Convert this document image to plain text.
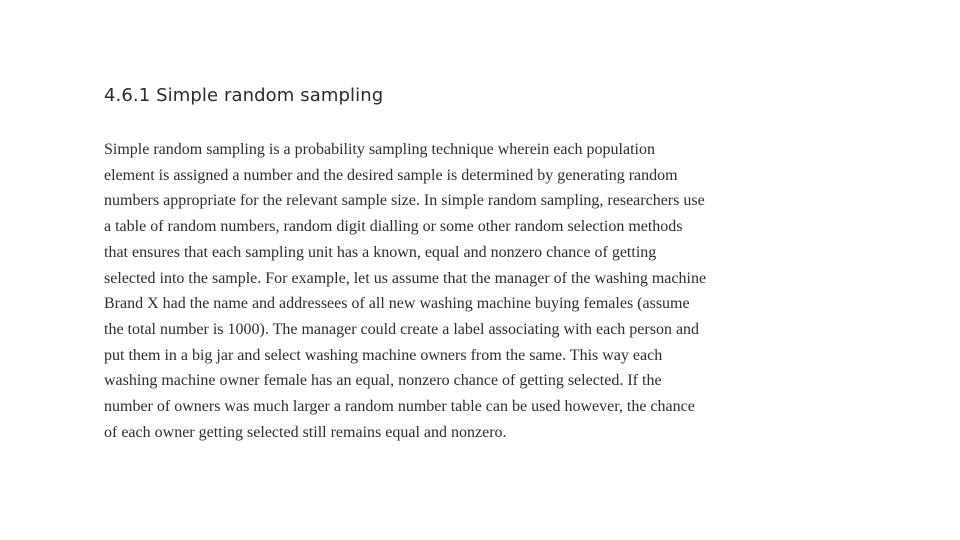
4.6.1 Simple random sampling

Simple random sampling is a probability sampling technique wherein each population
element is assigned a number and the desired sample is determined by generating random
numbers appropriate for the relevant sample size. In simple random sampling, researchers use
a table of random numbers, random digit dialling or some other random selection methods
that ensures that each sampling unit has a known, equal and nonzero chance of getting
selected into the sample. For example, let us assume that the manager of the washing machine
Brand X had the name and addressees of all new washing machine buying females (assume
the total number is 1000). The manager could create a label associating with each person and
put them in a big jar and select washing machine owners from the same. This way each
washing machine owner female has an equal, nonzero chance of getting selected. If the
number of owners was much larger a random number table can be used however, the chance
of each owner getting selected still remains equal and nonzero.
